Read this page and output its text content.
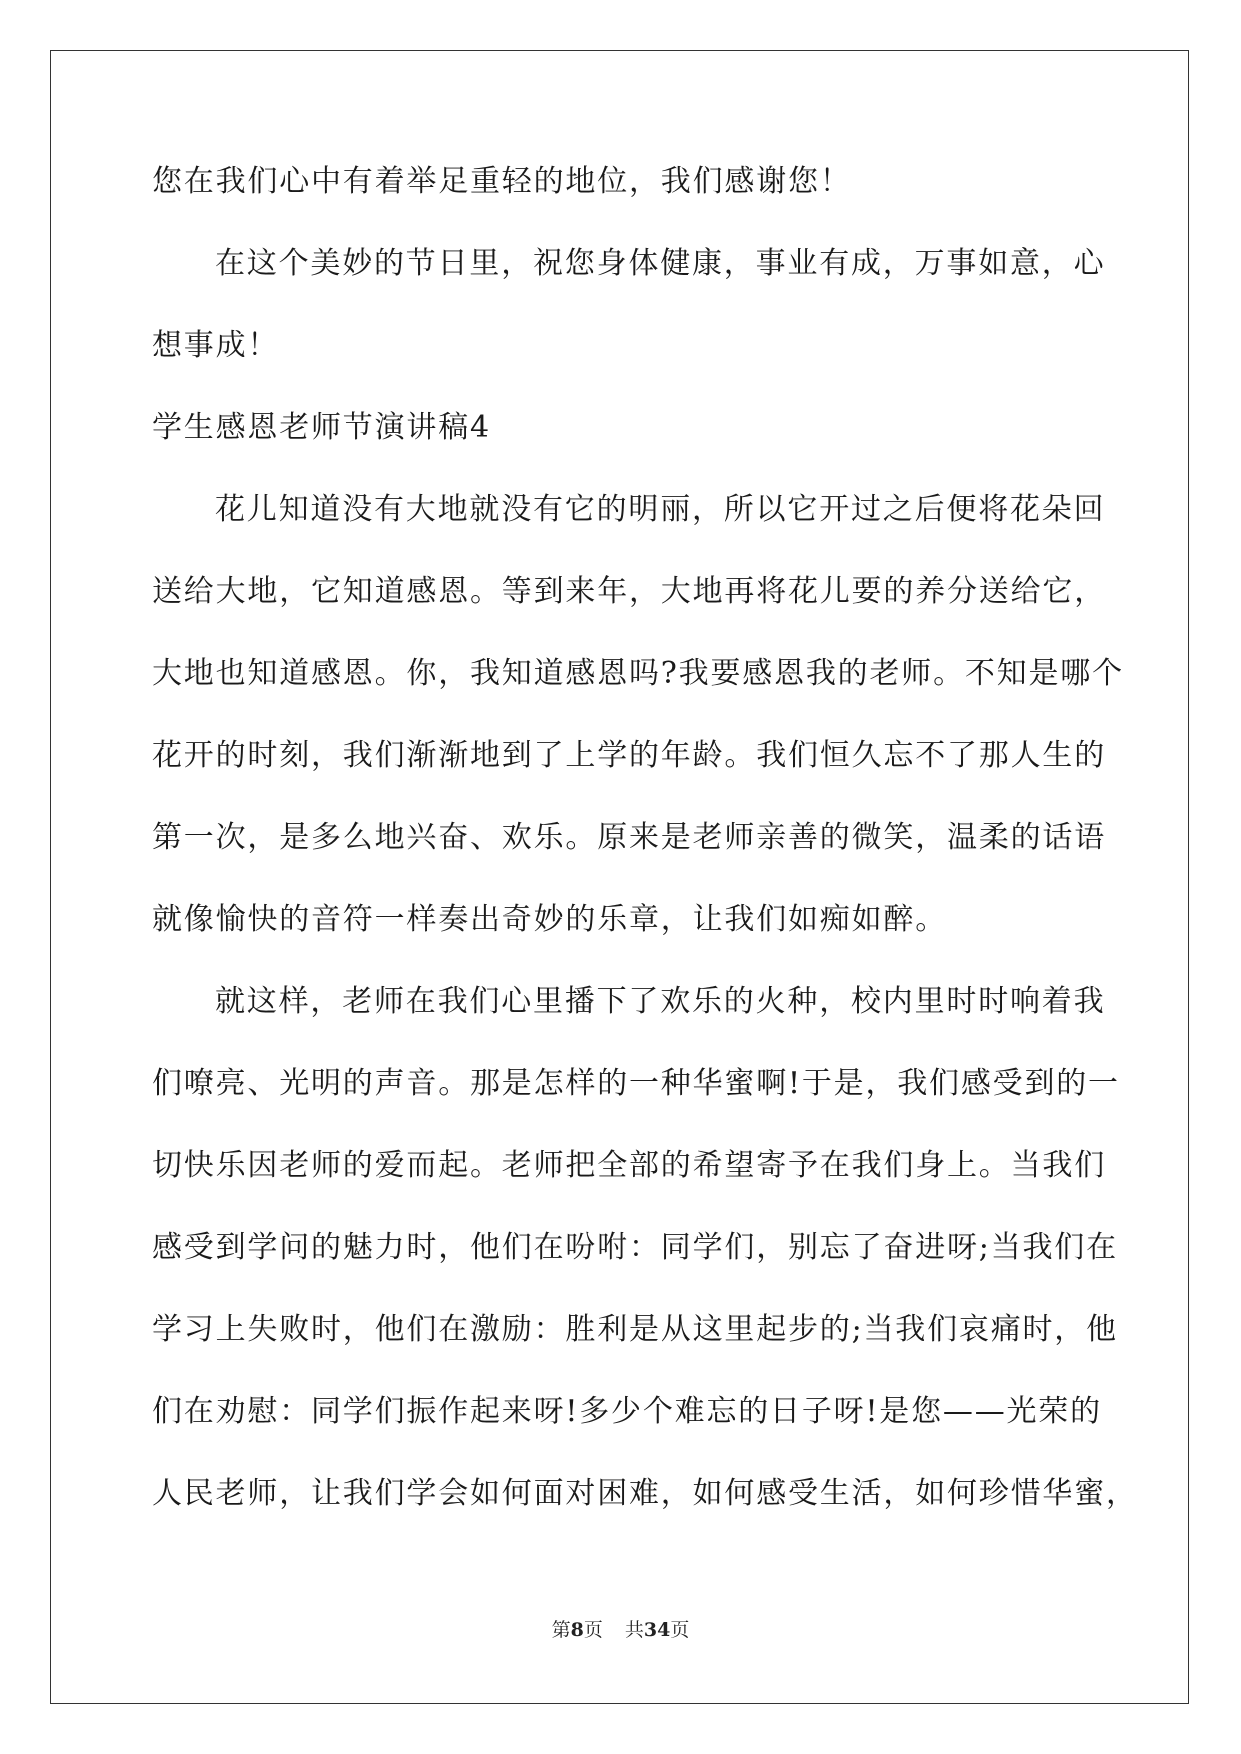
您在我们心中有着举足重轻的地位，我们感谢您！
在这个美妙的节日里，祝您身体健康，事业有成，万事如意，心
想事成！
学生感恩老师节演讲稿4
花儿知道没有大地就没有它的明丽，所以它开过之后便将花朵回
送给大地，它知道感恩。等到来年，大地再将花儿要的养分送给它，
大地也知道感恩。你，我知道感恩吗?我要感恩我的老师。不知是哪个
花开的时刻，我们渐渐地到了上学的年龄。我们恒久忘不了那人生的
第一次，是多么地兴奋、欢乐。原来是老师亲善的微笑，温柔的话语
就像愉快的音符一样奏出奇妙的乐章，让我们如痴如醉。
就这样，老师在我们心里播下了欢乐的火种，校内里时时响着我
们嘹亮、光明的声音。那是怎样的一种华蜜啊!于是，我们感受到的一
切快乐因老师的爱而起。老师把全部的希望寄予在我们身上。当我们
感受到学问的魅力时，他们在吩咐：同学们，别忘了奋进呀;当我们在
学习上失败时，他们在激励：胜利是从这里起步的;当我们哀痛时，他
们在劝慰：同学们振作起来呀!多少个难忘的日子呀!是您——光荣的
人民老师，让我们学会如何面对困难，如何感受生活，如何珍惜华蜜，
第8页 共34页
